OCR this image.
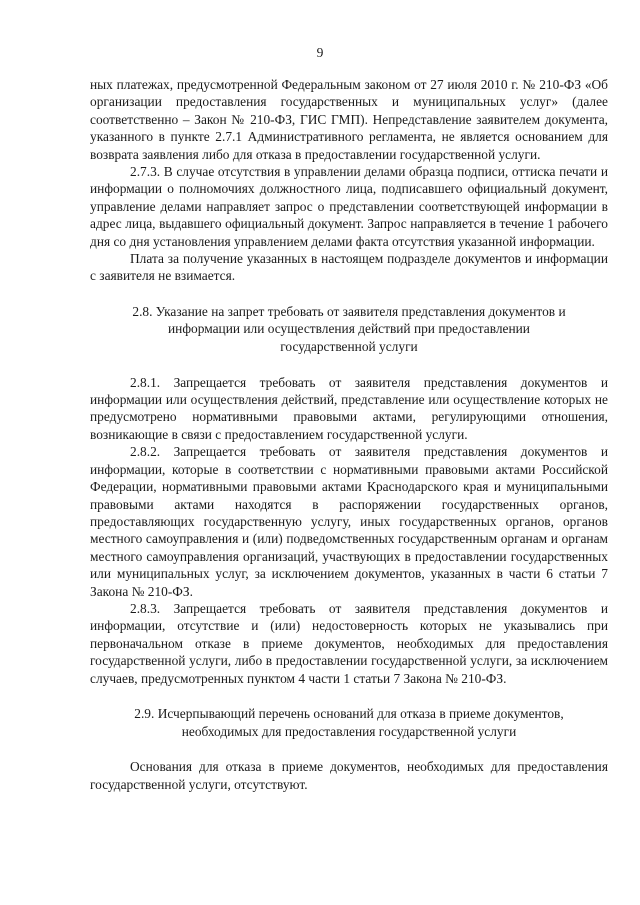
9

ных платежах, предусмотренной Федеральным законом от 27 июля 2010 г. № 210-ФЗ «Об организации предоставления государственных и муниципальных услуг» (далее соответственно – Закон № 210-ФЗ, ГИС ГМП). Непредставление заявителем документа, указанного в пункте 2.7.1 Административного регламента, не является основанием для возврата заявления либо для отказа в предоставлении государственной услуги.

2.7.3. В случае отсутствия в управлении делами образца подписи, оттиска печати и информации о полномочиях должностного лица, подписавшего официальный документ, управление делами направляет запрос о представлении соответствующей информации в адрес лица, выдавшего официальный документ. Запрос направляется в течение 1 рабочего дня со дня установления управлением делами факта отсутствия указанной информации.

Плата за получение указанных в настоящем подразделе документов и информации с заявителя не взимается.

2.8. Указание на запрет требовать от заявителя представления документов и информации или осуществления действий при предоставлении государственной услуги

2.8.1. Запрещается требовать от заявителя представления документов и информации или осуществления действий, представление или осуществление которых не предусмотрено нормативными правовыми актами, регулирующими отношения, возникающие в связи с предоставлением государственной услуги.

2.8.2. Запрещается требовать от заявителя представления документов и информации, которые в соответствии с нормативными правовыми актами Российской Федерации, нормативными правовыми актами Краснодарского края и муниципальными правовыми актами находятся в распоряжении государственных органов, предоставляющих государственную услугу, иных государственных органов, органов местного самоуправления и (или) подведомственных государственным органам и органам местного самоуправления организаций, участвующих в предоставлении государственных или муниципальных услуг, за исключением документов, указанных в части 6 статьи 7 Закона № 210-ФЗ.

2.8.3. Запрещается требовать от заявителя представления документов и информации, отсутствие и (или) недостоверность которых не указывались при первоначальном отказе в приеме документов, необходимых для предоставления государственной услуги, либо в предоставлении государственной услуги, за исключением случаев, предусмотренных пунктом 4 части 1 статьи 7 Закона № 210-ФЗ.

2.9. Исчерпывающий перечень оснований для отказа в приеме документов, необходимых для предоставления государственной услуги

Основания для отказа в приеме документов, необходимых для предоставления государственной услуги, отсутствуют.
